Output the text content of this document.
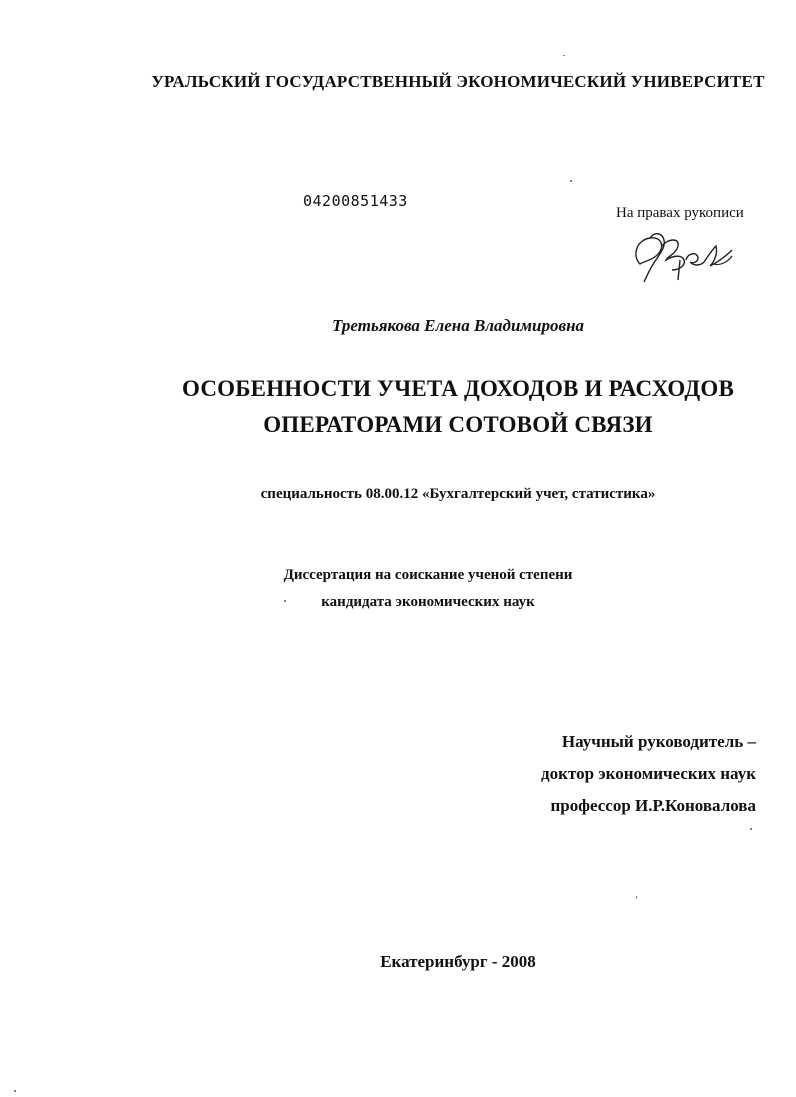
УРАЛЬСКИЙ ГОСУДАРСТВЕННЫЙ ЭКОНОМИЧЕСКИЙ УНИВЕРСИТЕТ
04200851433
На правах рукописи
Третьякова Елена Владимировна
ОСОБЕННОСТИ УЧЕТА ДОХОДОВ И РАСХОДОВ
ОПЕРАТОРАМИ СОТОВОЙ СВЯЗИ
специальность 08.00.12 «Бухгалтерский учет, статистика»
Диссертация на соискание ученой степени
кандидата экономических наук
Научный руководитель –
доктор экономических наук
профессор И.Р.Коновалова
Екатеринбург - 2008
